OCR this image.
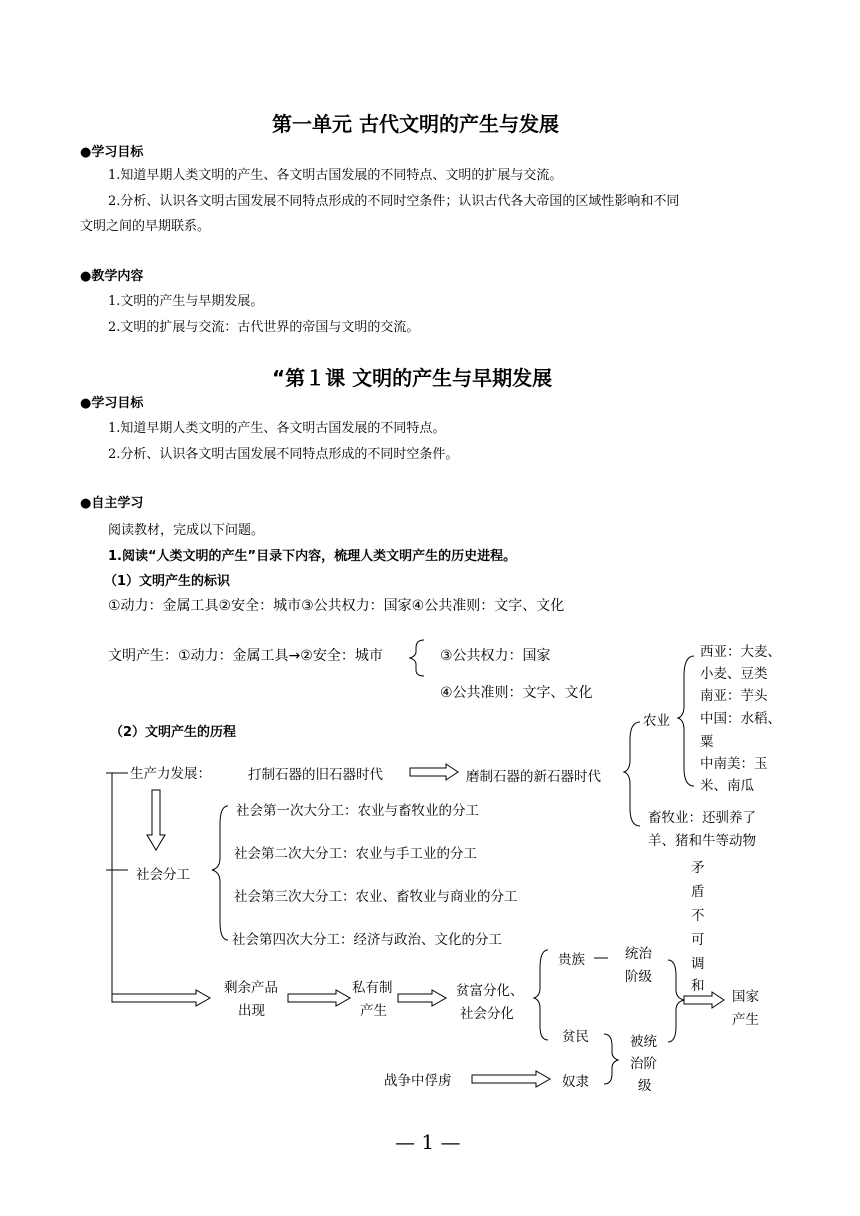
第一单元 古代文明的产生与发展
●学习目标
1.知道早期人类文明的产生、各文明古国发展的不同特点、文明的扩展与交流。
2.分析、认识各文明古国发展不同特点形成的不同时空条件；认识古代各大帝国的区域性影响和不同
文明之间的早期联系。
●教学内容
1.文明的产生与早期发展。
2.文明的扩展与交流：古代世界的帝国与文明的交流。
“第１课 文明的产生与早期发展
●学习目标
1.知道早期人类文明的产生、各文明古国发展的不同特点。
2.分析、认识各文明古国发展不同特点形成的不同时空条件。
●自主学习
阅读教材，完成以下问题。
1.阅读“人类文明的产生”目录下内容，梳理人类文明产生的历史进程。
（1）文明产生的标识
①动力：金属工具②安全：城市③公共权力：国家④公共准则：文字、文化
文明产生：①动力：金属工具→②安全：城市	③公共权力：国家
④公共准则：文字、文化
（2）文明产生的历程
生产力发展：	打制石器的旧石器时代	磨制石器的新石器时代
农业
西亚：大麦、
小麦、豆类
南亚：芋头
中国：水稻、
粟
中南美：玉
米、南瓜
畜牧业：还驯养了
羊、猪和牛等动物
社会分工
社会第一次大分工：农业与畜牧业的分工
社会第二次大分工：农业与手工业的分工
社会第三次大分工：农业、畜牧业与商业的分工
社会第四次大分工：经济与政治、文化的分工
矛
盾
不
可
调
和
剩余产品
出现
私有制
产生
贫富分化、
社会分化
贵族	统治
阶级
贫民	被统
治阶
级
奴隶
战争中俘虏
国家
产生
— 1 —
